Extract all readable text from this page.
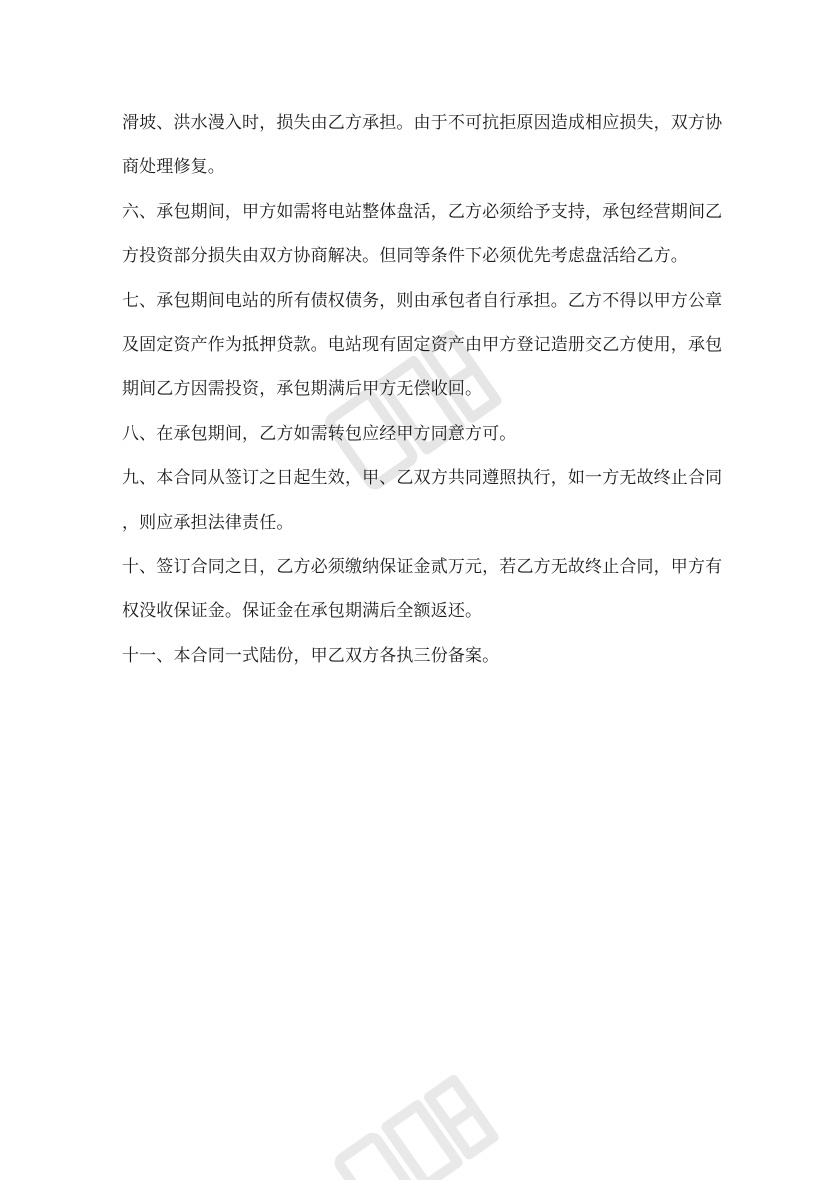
滑坡、洪水漫入时，损失由乙方承担。由于不可抗拒原因造成相应损失，双方协
商处理修复。
六、承包期间，甲方如需将电站整体盘活，乙方必须给予支持，承包经营期间乙
方投资部分损失由双方协商解决。但同等条件下必须优先考虑盘活给乙方。
七、承包期间电站的所有债权债务，则由承包者自行承担。乙方不得以甲方公章
及固定资产作为抵押贷款。电站现有固定资产由甲方登记造册交乙方使用，承包
期间乙方因需投资，承包期满后甲方无偿收回。
八、在承包期间，乙方如需转包应经甲方同意方可。
九、本合同从签订之日起生效，甲、乙双方共同遵照执行，如一方无故终止合同
，则应承担法律责任。
十、签订合同之日，乙方必须缴纳保证金贰万元，若乙方无故终止合同，甲方有
权没收保证金。保证金在承包期满后全额返还。
十一、本合同一式陆份，甲乙双方各执三份备案。
